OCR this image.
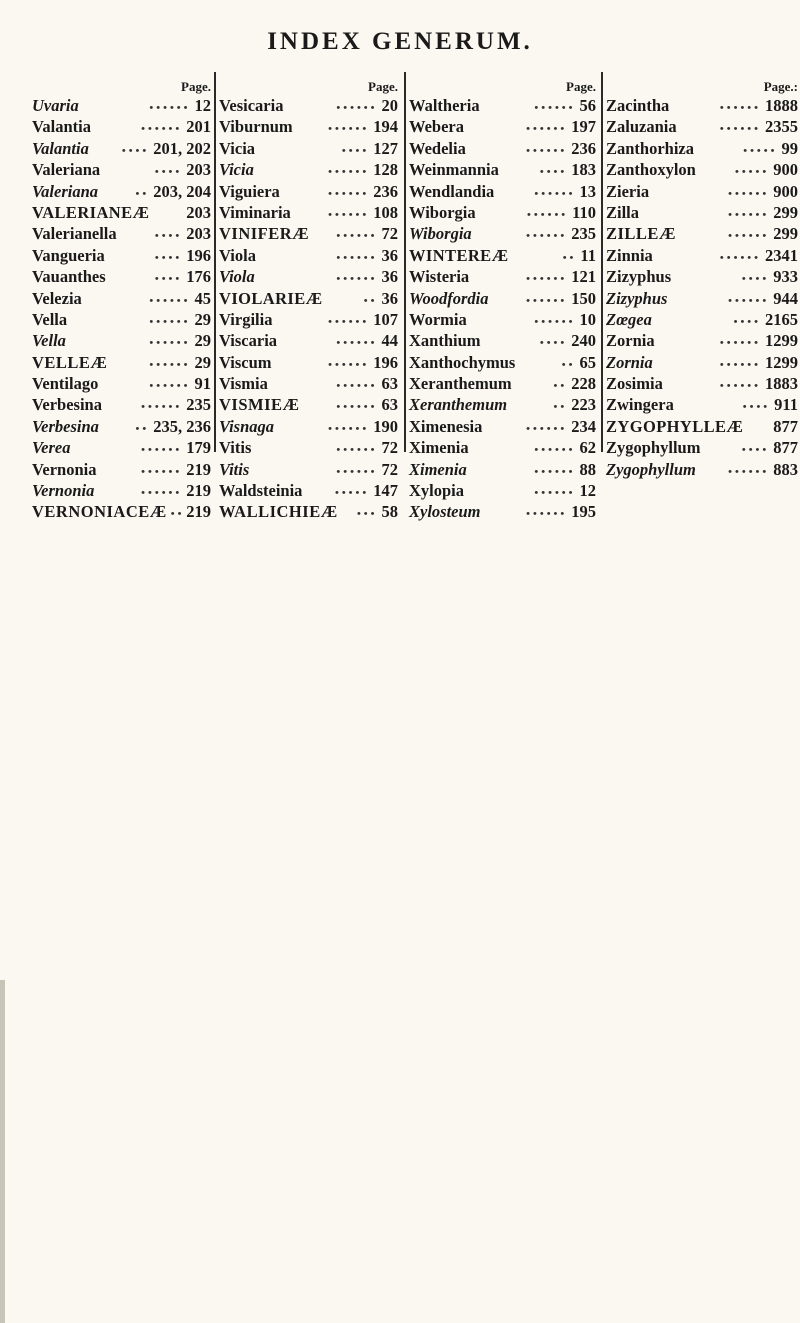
INDEX GENERUM.
Page.
Uvaria	•••••• 12
Valantia	•••••• 201
Valantia	•••• 201, 202
Valeriana	•••• 203
Valeriana	•• 203, 204
VALERIANEÆ 203
Valerianella	•••• 203
Vangueria	•••• 196
Vauanthes	•••• 176
Velezia	•••••• 45
Vella	•••••• 29
Vella	•••••• 29
VELLEÆ	•••••• 29
Ventilago	•••••• 91
Verbesina	•••••• 235
Verbesina	•• 235, 236
Verea	•••••• 179
Vernonia	•••••• 219
Vernonia	•••••• 219
VERNONIACEÆ •• 219
Page.
Vesicaria	•••••• 20
Viburnum	•••••• 194
Vicia	•••• 127
Vicia	•••••• 128
Viguiera	•••••• 236
Viminaria	•••••• 108
VINIFERÆ	•••••• 72
Viola	•••••• 36
Viola	•••••• 36
VIOLARIEÆ	•• 36
Virgilia	•••••• 107
Viscaria	•••••• 44
Viscum	•••••• 196
Vismia	•••••• 63
VISMIEÆ	•••••• 63
Visnaga	•••••• 190
Vitis	•••••• 72
Vitis	•••••• 72
Waldsteinia	••••• 147
WALLICHIEÆ	••• 58
Page.
Waltheria	•••••• 56
Webera	•••••• 197
Wedelia	•••••• 236
Weinmannia	•••• 183
Wendlandia	•••••• 13
Wiborgia	•••••• 110
Wiborgia	•••••• 235
WINTEREÆ	•• 11
Wisteria	•••••• 121
Woodfordia	•••••• 150
Wormia	•••••• 10
Xanthium	•••• 240
Xanthochymus	•• 65
Xeranthemum	•• 228
Xeranthemum	•• 223
Ximenesia	•••••• 234
Ximenia	•••••• 62
Ximenia	•••••• 88
Xylopia	•••••• 12
Xylosteum	•••••• 195
Page.:
Zacintha	•••••• 1888
Zaluzania	•••••• 2355
Zanthorhiza	••••• 99
Zanthoxylon	••••• 900
Zieria	•••••• 900
Zilla	•••••• 299
ZILLEÆ	•••••• 299
Zinnia	•••••• 2341
Zizyphus	•••• 933
Zizyphus	•••••• 944
Zœgea	•••• 2165
Zornia	•••••• 1299
Zornia	•••••• 1299
Zosimia	•••••• 1883
Zwingera	•••• 911
ZYGOPHYLLEÆ 877
Zygophyllum	•••• 877
Zygophyllum	•••••• 883
